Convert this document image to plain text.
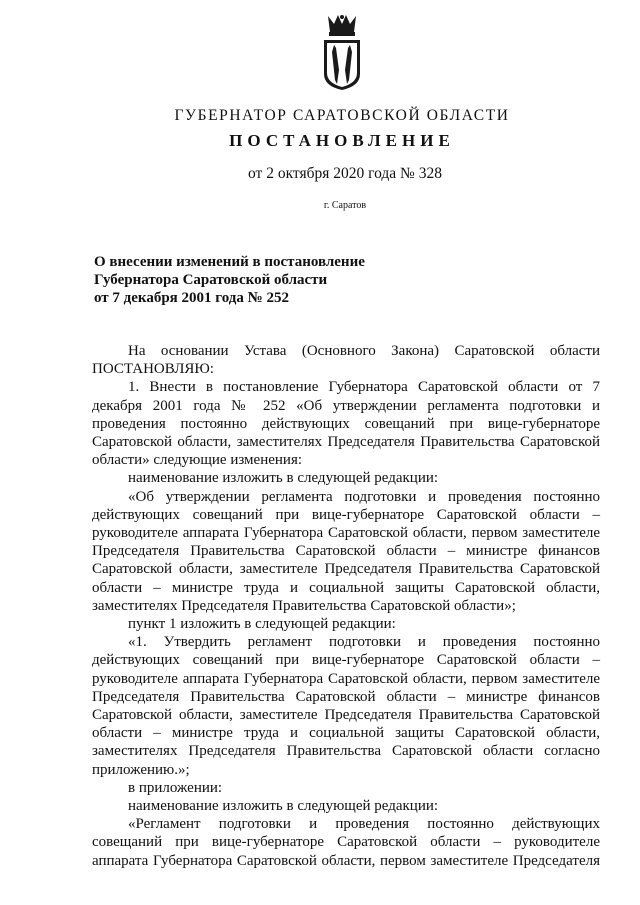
ГУБЕРНАТОР САРАТОВСКОЙ ОБЛАСТИ
ПОСТАНОВЛЕНИЕ
от 2 октября 2020 года № 328
г. Саратов
О внесении изменений в постановление
Губернатора Саратовской области
от 7 декабря 2001 года № 252

На основании Устава (Основного Закона) Саратовской области

ПОСТАНОВЛЯЮ:

1. Внести в постановление Губернатора Саратовской области от 7 декабря 2001 года № 252 «Об утверждении регламента подготовки и проведения постоянно действующих совещаний при вице-губернаторе Саратовской области, заместителях Председателя Правительства Саратовской области» следующие изменения:

наименование изложить в следующей редакции:

«Об утверждении регламента подготовки и проведения постоянно действующих совещаний при вице-губернаторе Саратовской области – руководителе аппарата Губернатора Саратовской области, первом заместителе Председателя Правительства Саратовской области – министре финансов Саратовской области, заместителе Председателя Правительства Саратовской области – министре труда и социальной защиты Саратовской области, заместителях Председателя Правительства Саратовской области»;

пункт 1 изложить в следующей редакции:

«1. Утвердить регламент подготовки и проведения постоянно действующих совещаний при вице-губернаторе Саратовской области – руководителе аппарата Губернатора Саратовской области, первом заместителе Председателя Правительства Саратовской области – министре финансов Саратовской области, заместителе Председателя Правительства Саратовской области – министре труда и социальной защиты Саратовской области, заместителях Председателя Правительства Саратовской области согласно приложению.»;

в приложении:

наименование изложить в следующей редакции:

«Регламент подготовки и проведения постоянно действующих совещаний при вице-губернаторе Саратовской области – руководителе аппарата Губернатора Саратовской области, первом заместителе Председателя
